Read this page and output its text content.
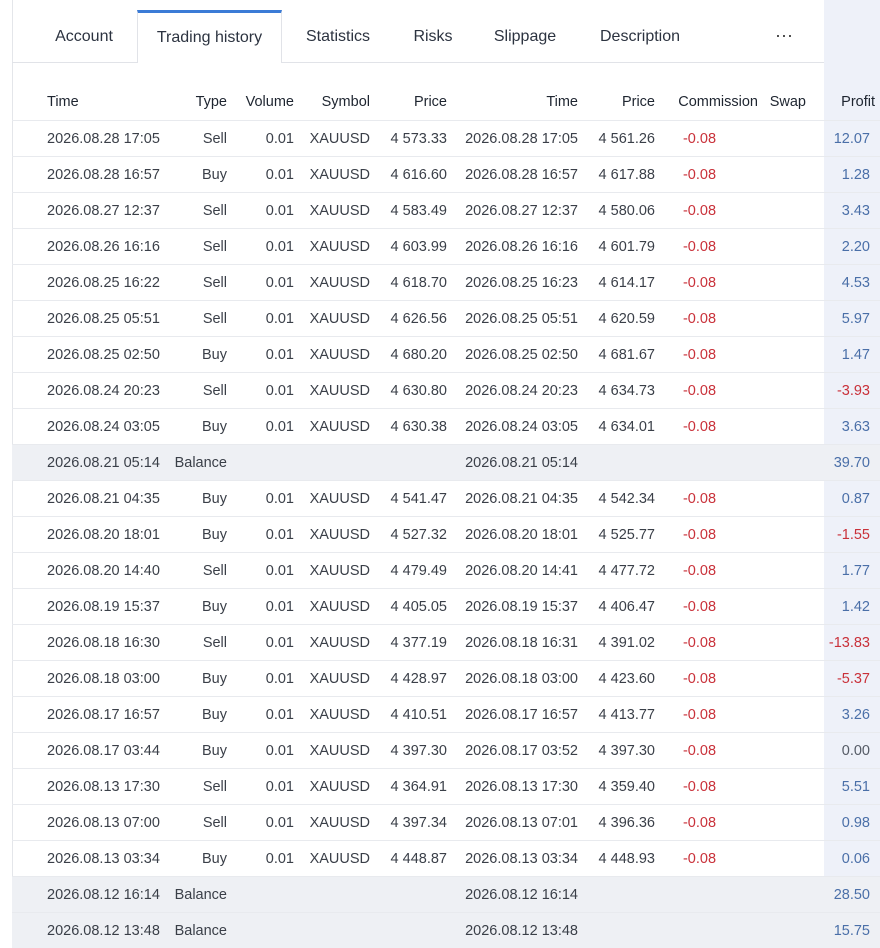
Account	Trading history	Statistics	Risks	Slippage	Description	···
Time	Type	Volume	Symbol	Price	Time	Price	Commission	Swap	Profit
2026.08.28 17:05	Sell	0.01	XAUUSD	4 573.33	2026.08.28 17:05	4 561.26	-0.08		12.07
2026.08.28 16:57	Buy	0.01	XAUUSD	4 616.60	2026.08.28 16:57	4 617.88	-0.08		1.28
2026.08.27 12:37	Sell	0.01	XAUUSD	4 583.49	2026.08.27 12:37	4 580.06	-0.08		3.43
2026.08.26 16:16	Sell	0.01	XAUUSD	4 603.99	2026.08.26 16:16	4 601.79	-0.08		2.20
2026.08.25 16:22	Sell	0.01	XAUUSD	4 618.70	2026.08.25 16:23	4 614.17	-0.08		4.53
2026.08.25 05:51	Sell	0.01	XAUUSD	4 626.56	2026.08.25 05:51	4 620.59	-0.08		5.97
2026.08.25 02:50	Buy	0.01	XAUUSD	4 680.20	2026.08.25 02:50	4 681.67	-0.08		1.47
2026.08.24 20:23	Sell	0.01	XAUUSD	4 630.80	2026.08.24 20:23	4 634.73	-0.08		-3.93
2026.08.24 03:05	Buy	0.01	XAUUSD	4 630.38	2026.08.24 03:05	4 634.01	-0.08		3.63
2026.08.21 05:14	Balance				2026.08.21 05:14				39.70
2026.08.21 04:35	Buy	0.01	XAUUSD	4 541.47	2026.08.21 04:35	4 542.34	-0.08		0.87
2026.08.20 18:01	Buy	0.01	XAUUSD	4 527.32	2026.08.20 18:01	4 525.77	-0.08		-1.55
2026.08.20 14:40	Sell	0.01	XAUUSD	4 479.49	2026.08.20 14:41	4 477.72	-0.08		1.77
2026.08.19 15:37	Buy	0.01	XAUUSD	4 405.05	2026.08.19 15:37	4 406.47	-0.08		1.42
2026.08.18 16:30	Sell	0.01	XAUUSD	4 377.19	2026.08.18 16:31	4 391.02	-0.08		-13.83
2026.08.18 03:00	Buy	0.01	XAUUSD	4 428.97	2026.08.18 03:00	4 423.60	-0.08		-5.37
2026.08.17 16:57	Buy	0.01	XAUUSD	4 410.51	2026.08.17 16:57	4 413.77	-0.08		3.26
2026.08.17 03:44	Buy	0.01	XAUUSD	4 397.30	2026.08.17 03:52	4 397.30	-0.08		0.00
2026.08.13 17:30	Sell	0.01	XAUUSD	4 364.91	2026.08.13 17:30	4 359.40	-0.08		5.51
2026.08.13 07:00	Sell	0.01	XAUUSD	4 397.34	2026.08.13 07:01	4 396.36	-0.08		0.98
2026.08.13 03:34	Buy	0.01	XAUUSD	4 448.87	2026.08.13 03:34	4 448.93	-0.08		0.06
2026.08.12 16:14	Balance				2026.08.12 16:14				28.50
2026.08.12 13:48	Balance				2026.08.12 13:48				15.75
